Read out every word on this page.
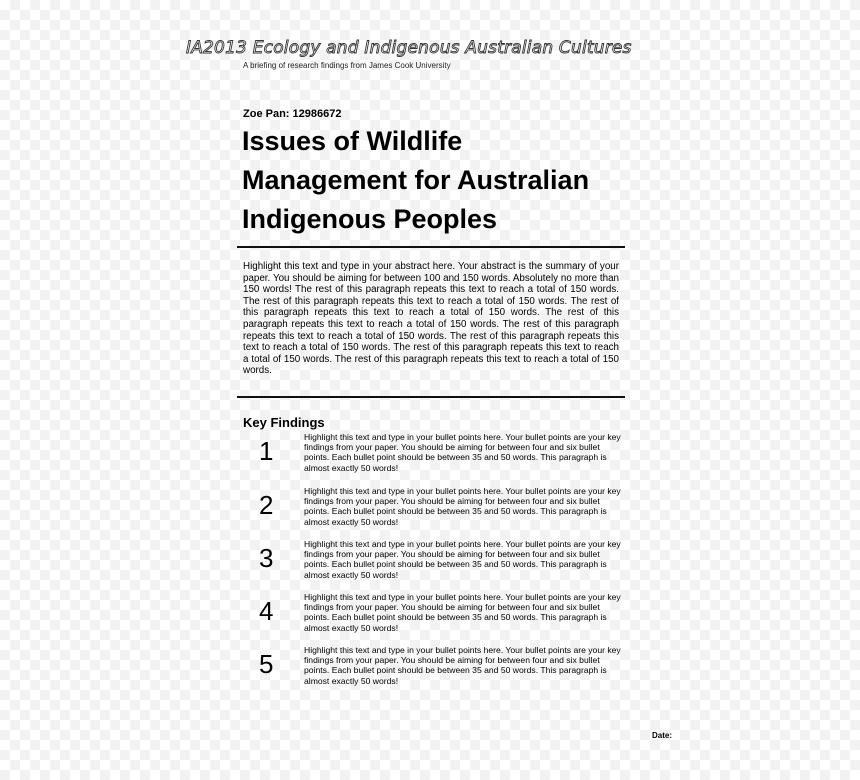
IA2013 Ecology and Indigenous Australian Cultures
A briefing of research findings from James Cook University
Zoe Pan: 12986672
Issues of Wildlife Management for Australian Indigenous Peoples

Highlight this text and type in your abstract here. Your abstract is the summary of your paper. You should be aiming for between 100 and 150 words. Absolutely no more than 150 words! The rest of this paragraph repeats this text to reach a total of 150 words. The rest of this paragraph repeats this text to reach a total of 150 words. The rest of this paragraph repeats this text to reach a total of 150 words. The rest of this paragraph repeats this text to reach a total of 150 words. The rest of this paragraph repeats this text to reach a total of 150 words. The rest of this paragraph repeats this text to reach a total of 150 words. The rest of this paragraph repeats this text to reach a total of 150 words. The rest of this paragraph repeats this text to reach a total of 150 words.

Key Findings
1	Highlight this text and type in your bullet points here. Your bullet points are your key findings from your paper. You should be aiming for between four and six bullet points. Each bullet point should be between 35 and 50 words. This paragraph is almost exactly 50 words!

2	Highlight this text and type in your bullet points here. Your bullet points are your key findings from your paper. You should be aiming for between four and six bullet points. Each bullet point should be between 35 and 50 words. This paragraph is almost exactly 50 words!

3	Highlight this text and type in your bullet points here. Your bullet points are your key findings from your paper. You should be aiming for between four and six bullet points. Each bullet point should be between 35 and 50 words. This paragraph is almost exactly 50 words!

4	Highlight this text and type in your bullet points here. Your bullet points are your key findings from your paper. You should be aiming for between four and six bullet points. Each bullet point should be between 35 and 50 words. This paragraph is almost exactly 50 words!

5	Highlight this text and type in your bullet points here. Your bullet points are your key findings from your paper. You should be aiming for between four and six bullet points. Each bullet point should be between 35 and 50 words. This paragraph is almost exactly 50 words!

Date:
